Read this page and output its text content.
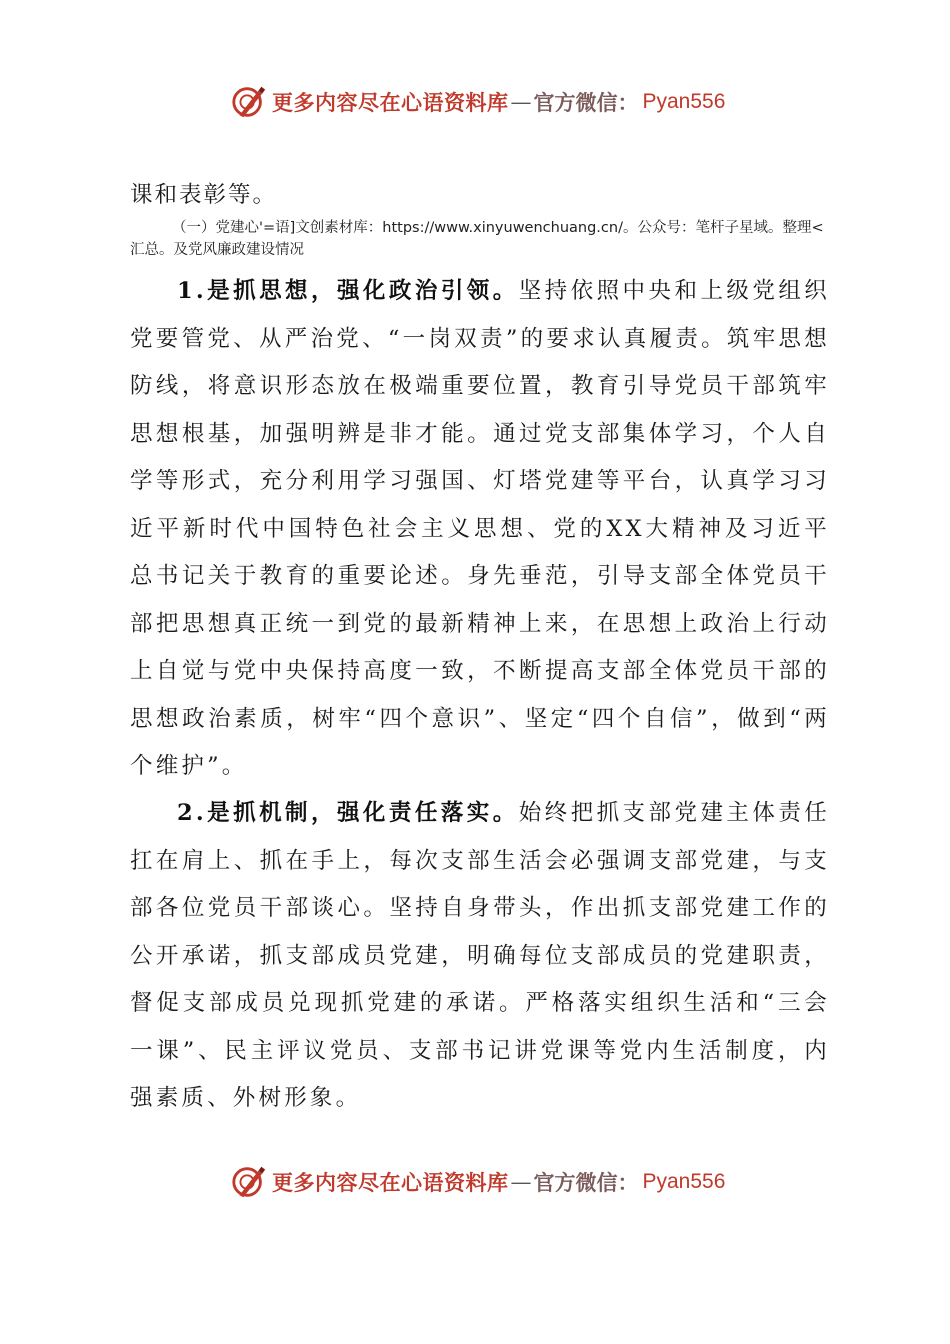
更多内容尽在心语资料库 — 官方微信： Pyan556
课和表彰等。
（一）党建心'=语]文创素材库：https://www.xinyuwenchuang.cn/。公众号：笔杆子星域。整理<汇总。及党风廉政建设情况
1.是抓思想，强化政治引领。坚持依照中央和上级党组织党要管党、从严治党、“一岗双责”的要求认真履责。筑牢思想防线，将意识形态放在极端重要位置，教育引导党员干部筑牢思想根基，加强明辨是非才能。通过党支部集体学习，个人自学等形式，充分利用学习强国、灯塔党建等平台，认真学习习近平新时代中国特色社会主义思想、党的XX大精神及习近平总书记关于教育的重要论述。身先垂范，引导支部全体党员干部把思想真正统一到党的最新精神上来，在思想上政治上行动上自觉与党中央保持高度一致，不断提高支部全体党员干部的思想政治素质，树牢“四个意识”、坚定“四个自信”，做到“两个维护”。
2.是抓机制，强化责任落实。始终把抓支部党建主体责任扛在肩上、抓在手上，每次支部生活会必强调支部党建，与支部各位党员干部谈心。坚持自身带头，作出抓支部党建工作的公开承诺，抓支部成员党建，明确每位支部成员的党建职责，督促支部成员兑现抓党建的承诺。严格落实组织生活和“三会一课”、民主评议党员、支部书记讲党课等党内生活制度，内强素质、外树形象。
更多内容尽在心语资料库 — 官方微信： Pyan556
